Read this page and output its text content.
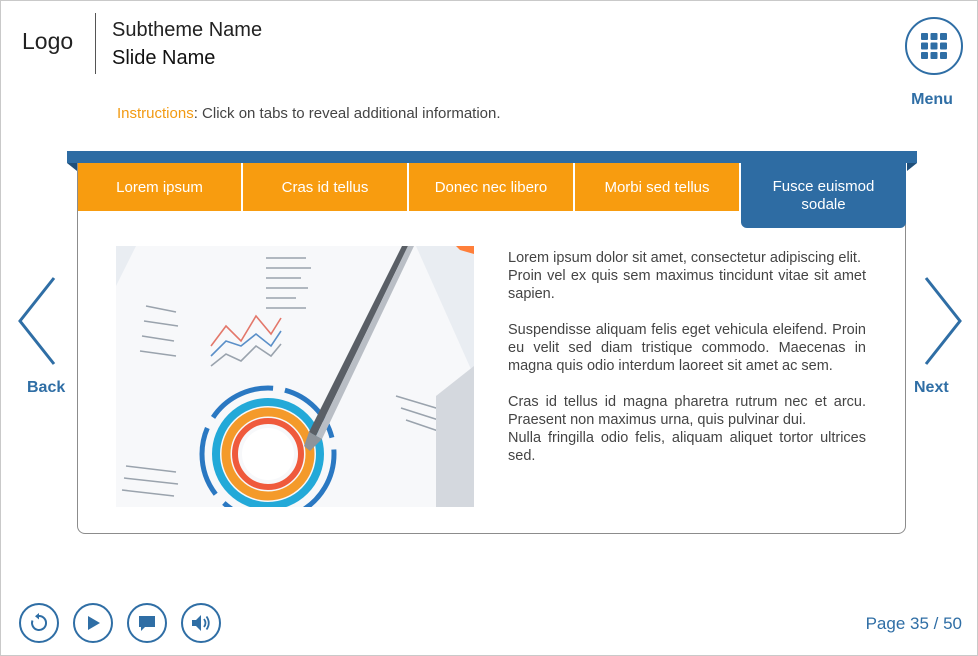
Logo Subtheme Name
Slide Name
Menu
Instructions: Click on tabs to reveal additional information.
Lorem ipsum	Cras id tellus	Donec nec libero	Morbi sed tellus	Fusce euismod sodale

Lorem ipsum dolor sit amet, consectetur adipiscing elit.
Proin vel ex quis sem maximus tincidunt vitae sit amet sapien.

Suspendisse aliquam felis eget vehicula eleifend. Proin eu velit sed diam tristique commodo. Maecenas in magna quis odio interdum laoreet sit amet ac sem.

Cras id tellus id magna pharetra rutrum nec et arcu. Praesent non maximus urna, quis pulvinar dui.
Nulla fringilla odio felis, aliquam aliquet tortor ultrices sed.

Back	Next
Page 35 / 50
